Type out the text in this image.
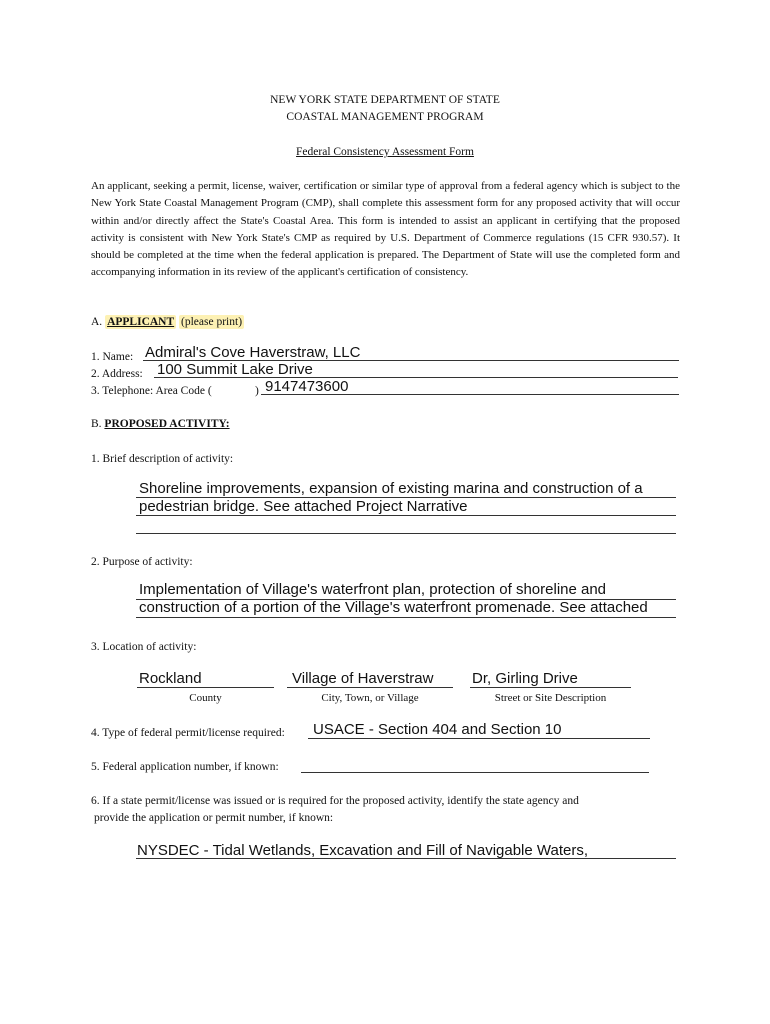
NEW YORK STATE DEPARTMENT OF STATE
COASTAL MANAGEMENT PROGRAM
Federal Consistency Assessment Form
An applicant, seeking a permit, license, waiver, certification or similar type of approval from a federal agency which is subject to the New York State Coastal Management Program (CMP), shall complete this assessment form for any proposed activity that will occur within and/or directly affect the State's Coastal Area. This form is intended to assist an applicant in certifying that the proposed activity is consistent with New York State's CMP as required by U.S. Department of Commerce regulations (15 CFR 930.57). It should be completed at the time when the federal application is prepared. The Department of State will use the completed form and accompanying information in its review of the applicant's certification of consistency.
A. APPLICANT (please print)
1. Name: Admiral's Cove Haverstraw, LLC
2. Address: 100 Summit Lake Drive
3. Telephone: Area Code (	) 9147473600
B. PROPOSED ACTIVITY:
1. Brief description of activity:
Shoreline improvements, expansion of existing marina and construction of a
pedestrian bridge. See attached Project Narrative
2. Purpose of activity:
Implementation of Village's waterfront plan, protection of shoreline and
construction of a portion of the Village's waterfront promenade. See attached
3. Location of activity:
Rockland
County
Village of Haverstraw
City, Town, or Village
Dr, Girling Drive
Street or Site Description
4. Type of federal permit/license required: USACE - Section 404 and Section 10
5. Federal application number, if known:
6. If a state permit/license was issued or is required for the proposed activity, identify the state agency and
provide the application or permit number, if known:
NYSDEC - Tidal Wetlands, Excavation and Fill of Navigable Waters,
